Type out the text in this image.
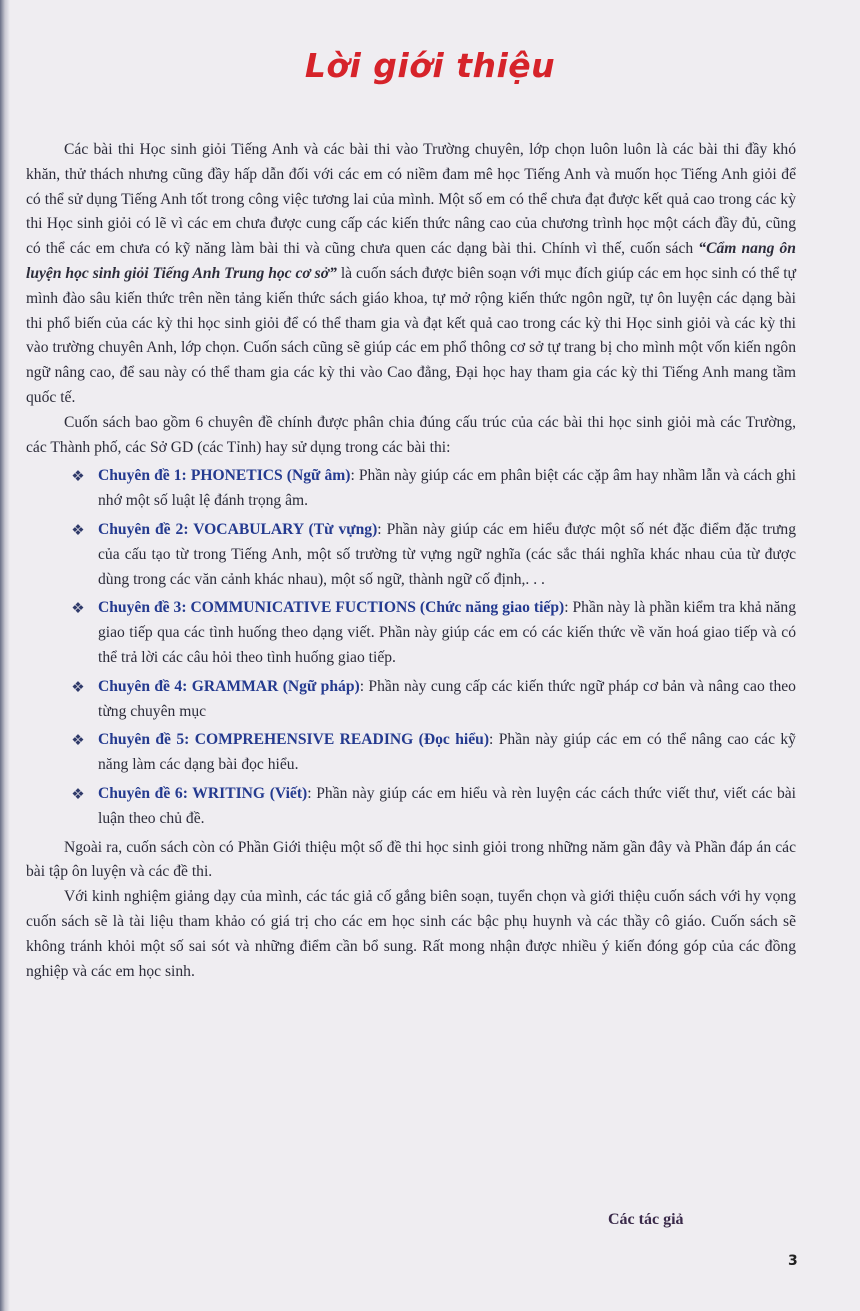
Lời giới thiệu

Các bài thi Học sinh giỏi Tiếng Anh và các bài thi vào Trường chuyên, lớp chọn luôn luôn là các bài thi đầy khó khăn, thử thách nhưng cũng đầy hấp dẫn đối với các em có niềm đam mê học Tiếng Anh và muốn học Tiếng Anh giỏi để có thể sử dụng Tiếng Anh tốt trong công việc tương lai của mình. Một số em có thể chưa đạt được kết quả cao trong các kỳ thi Học sinh giỏi có lẽ vì các em chưa được cung cấp các kiến thức nâng cao của chương trình học một cách đầy đủ, cũng có thể các em chưa có kỹ năng làm bài thi và cũng chưa quen các dạng bài thi. Chính vì thế, cuốn sách “Cẩm nang ôn luyện học sinh giỏi Tiếng Anh Trung học cơ sở” là cuốn sách được biên soạn với mục đích giúp các em học sinh có thể tự mình đào sâu kiến thức trên nền tảng kiến thức sách giáo khoa, tự mở rộng kiến thức ngôn ngữ, tự ôn luyện các dạng bài thi phổ biến của các kỳ thi học sinh giỏi để có thể tham gia và đạt kết quả cao trong các kỳ thi Học sinh giỏi và các kỳ thi vào trường chuyên Anh, lớp chọn. Cuốn sách cũng sẽ giúp các em phổ thông cơ sở tự trang bị cho mình một vốn kiến ngôn ngữ nâng cao, để sau này có thể tham gia các kỳ thi vào Cao đẳng, Đại học hay tham gia các kỳ thi Tiếng Anh mang tầm quốc tế.

Cuốn sách bao gồm 6 chuyên đề chính được phân chia đúng cấu trúc của các bài thi học sinh giỏi mà các Trường, các Thành phố, các Sở GD (các Tỉnh) hay sử dụng trong các bài thi:

❖ Chuyên đề 1: PHONETICS (Ngữ âm): Phần này giúp các em phân biệt các cặp âm hay nhầm lẫn và cách ghi nhớ một số luật lệ đánh trọng âm.
❖ Chuyên đề 2: VOCABULARY (Từ vựng): Phần này giúp các em hiểu được một số nét đặc điểm đặc trưng của cấu tạo từ trong Tiếng Anh, một số trường từ vựng ngữ nghĩa (các sắc thái nghĩa khác nhau của từ được dùng trong các văn cảnh khác nhau), một số ngữ, thành ngữ cố định,. . .
❖ Chuyên đề 3: COMMUNICATIVE FUCTIONS (Chức năng giao tiếp): Phần này là phần kiểm tra khả năng giao tiếp qua các tình huống theo dạng viết. Phần này giúp các em có các kiến thức về văn hoá giao tiếp và có thể trả lời các câu hỏi theo tình huống giao tiếp.
❖ Chuyên đề 4: GRAMMAR (Ngữ pháp): Phần này cung cấp các kiến thức ngữ pháp cơ bản và nâng cao theo từng chuyên mục
❖ Chuyên đề 5: COMPREHENSIVE READING (Đọc hiểu): Phần này giúp các em có thể nâng cao các kỹ năng làm các dạng bài đọc hiểu.
❖ Chuyên đề 6: WRITING (Viết): Phần này giúp các em hiểu và rèn luyện các cách thức viết thư, viết các bài luận theo chủ đề.

Ngoài ra, cuốn sách còn có Phần Giới thiệu một số đề thi học sinh giỏi trong những năm gần đây và Phần đáp án các bài tập ôn luyện và các đề thi.

Với kinh nghiệm giảng dạy của mình, các tác giả cố gắng biên soạn, tuyển chọn và giới thiệu cuốn sách với hy vọng cuốn sách sẽ là tài liệu tham khảo có giá trị cho các em học sinh các bậc phụ huynh và các thầy cô giáo. Cuốn sách sẽ không tránh khỏi một số sai sót và những điểm cần bổ sung. Rất mong nhận được nhiều ý kiến đóng góp của các đồng nghiệp và các em học sinh.

Các tác giả
3
